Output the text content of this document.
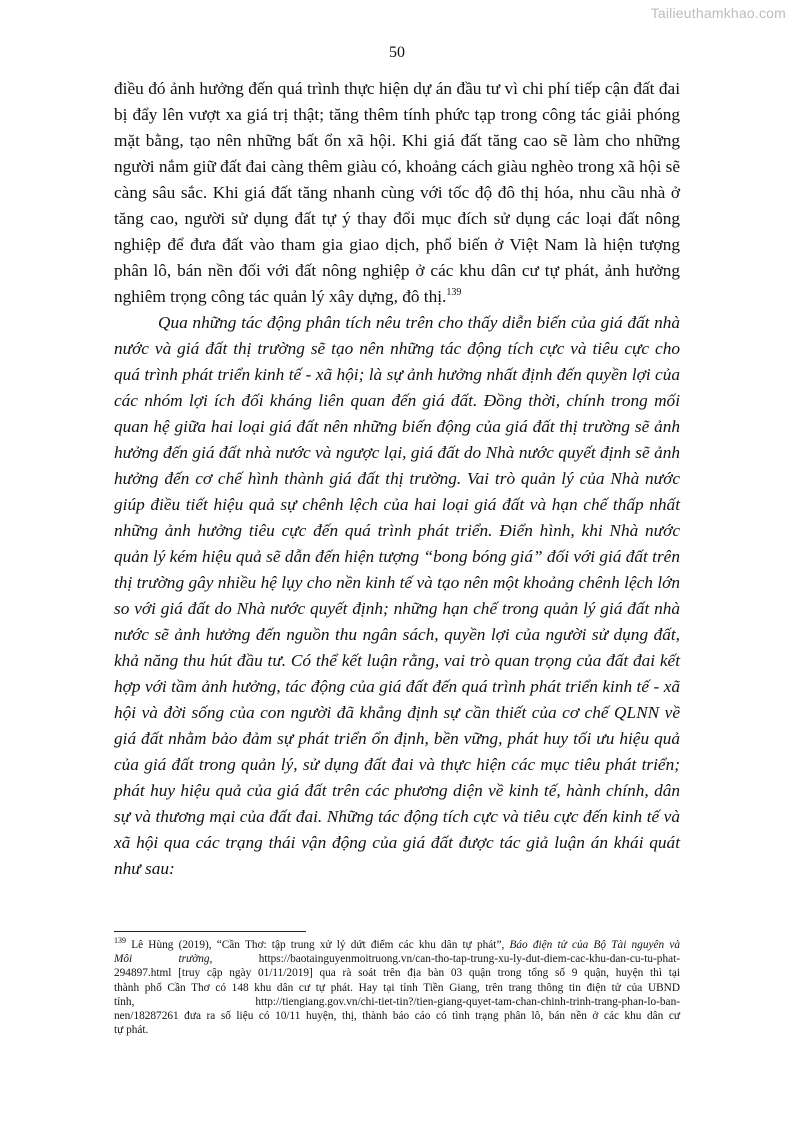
Tailieuthamkhao.com
50

điều đó ảnh hưởng đến quá trình thực hiện dự án đầu tư vì chi phí tiếp cận đất đai bị đẩy lên vượt xa giá trị thật; tăng thêm tính phức tạp trong công tác giải phóng mặt bằng, tạo nên những bất ổn xã hội. Khi giá đất tăng cao sẽ làm cho những người nắm giữ đất đai càng thêm giàu có, khoảng cách giàu nghèo trong xã hội sẽ càng sâu sắc. Khi giá đất tăng nhanh cùng với tốc độ đô thị hóa, nhu cầu nhà ở tăng cao, người sử dụng đất tự ý thay đổi mục đích sử dụng các loại đất nông nghiệp để đưa đất vào tham gia giao dịch, phổ biến ở Việt Nam là hiện tượng phân lô, bán nền đối với đất nông nghiệp ở các khu dân cư tự phát, ảnh hưởng nghiêm trọng công tác quản lý xây dựng, đô thị.$^{139}$

Qua những tác động phân tích nêu trên cho thấy diễn biến của giá đất nhà nước và giá đất thị trường sẽ tạo nên những tác động tích cực và tiêu cực cho quá trình phát triển kinh tế - xã hội; là sự ảnh hưởng nhất định đến quyền lợi của các nhóm lợi ích đối kháng liên quan đến giá đất. Đồng thời, chính trong mối quan hệ giữa hai loại giá đất nên những biến động của giá đất thị trường sẽ ảnh hưởng đến giá đất nhà nước và ngược lại, giá đất do Nhà nước quyết định sẽ ảnh hưởng đến cơ chế hình thành giá đất thị trường. Vai trò quản lý của Nhà nước giúp điều tiết hiệu quả sự chênh lệch của hai loại giá đất và hạn chế thấp nhất những ảnh hưởng tiêu cực đến quá trình phát triển. Điển hình, khi Nhà nước quản lý kém hiệu quả sẽ dẫn đến hiện tượng “bong bóng giá” đối với giá đất trên thị trường gây nhiều hệ lụy cho nền kinh tế và tạo nên một khoảng chênh lệch lớn so với giá đất do Nhà nước quyết định; những hạn chế trong quản lý giá đất nhà nước sẽ ảnh hưởng đến nguồn thu ngân sách, quyền lợi của người sử dụng đất, khả năng thu hút đầu tư. Có thể kết luận rằng, vai trò quan trọng của đất đai kết hợp với tầm ảnh hưởng, tác động của giá đất đến quá trình phát triển kinh tế - xã hội và đời sống của con người đã khẳng định sự cần thiết của cơ chế QLNN về giá đất nhằm bảo đảm sự phát triển ổn định, bền vững, phát huy tối ưu hiệu quả của giá đất trong quản lý, sử dụng đất đai và thực hiện các mục tiêu phát triển; phát huy hiệu quả của giá đất trên các phương diện về kinh tế, hành chính, dân sự và thương mại của đất đai. Những tác động tích cực và tiêu cực đến kinh tế và xã hội qua các trạng thái vận động của giá đất được tác giả luận án khái quát như sau:

$^{139}$ Lê Hùng (2019), “Cần Thơ: tập trung xử lý dứt điểm các khu dân tự phát”, Báo điện tử của Bộ Tài nguyên và
Môi trường,	https://baotainguyenmoitruong.vn/can-tho-tap-trung-xu-ly-dut-diem-cac-khu-dan-cu-tu-phat-
294897.html [truy cập ngày 01/11/2019] qua rà soát trên địa bàn 03 quận trong tổng số 9 quận, huyện thì tại
thành phố Cần Thơ có 148 khu dân cư tự phát. Hay tại tỉnh Tiền Giang, trên trang thông tin điện tử của UBND
tỉnh,	http://tiengiang.gov.vn/chi-tiet-tin?/tien-giang-quyet-tam-chan-chinh-trinh-trang-phan-lo-ban-
nen/18287261 đưa ra số liệu có 10/11 huyện, thị, thành báo cáo có tình trạng phân lô, bán nền ở các khu dân cư
tự phát.
